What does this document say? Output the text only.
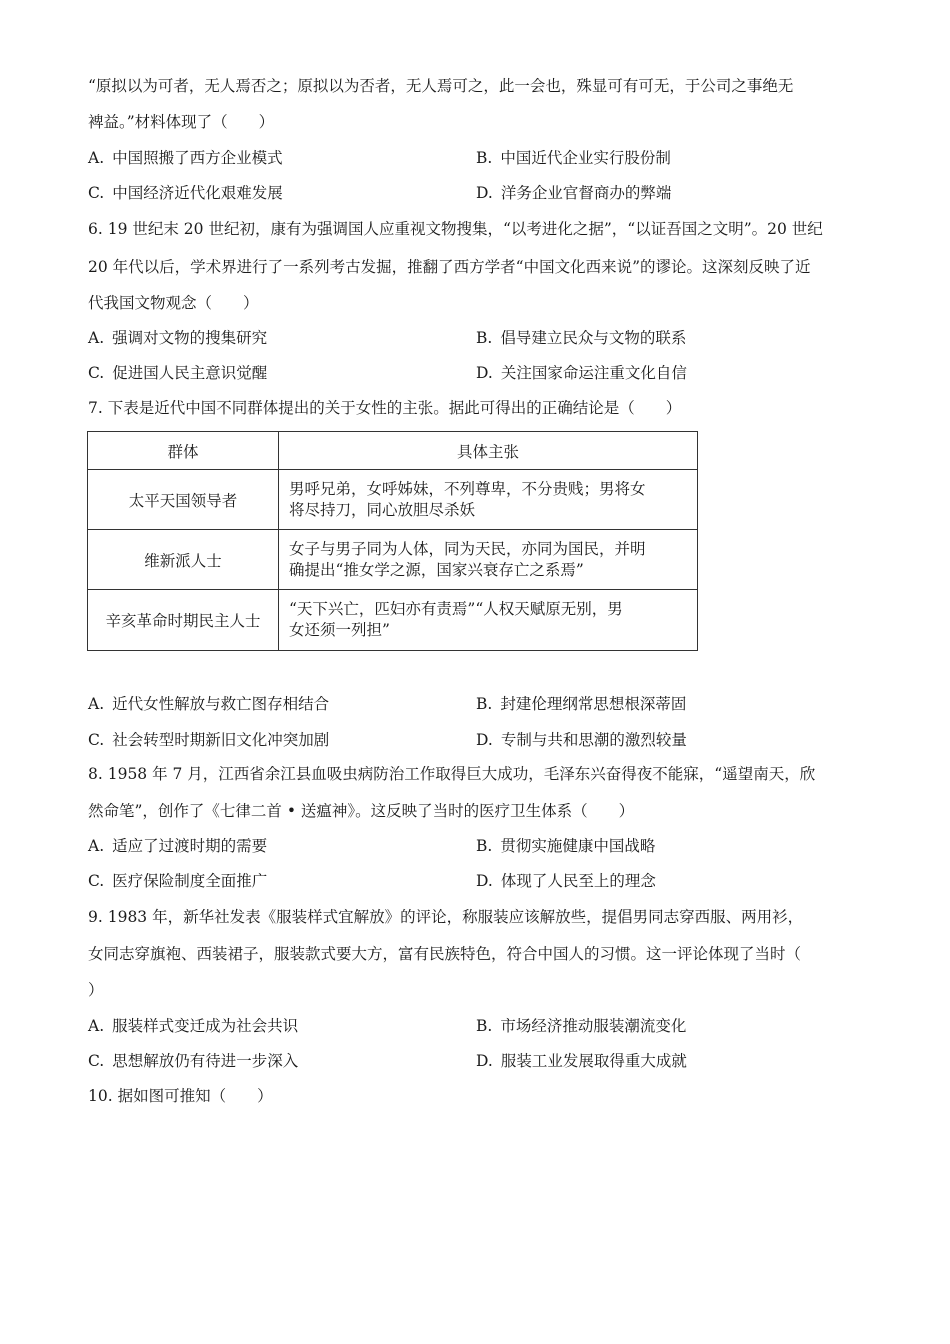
“原拟以为可者，无人焉否之；原拟以为否者，无人焉可之，此一会也，殊显可有可无，于公司之事绝无
裨益。”材料体现了（　　）
A. 中国照搬了西方企业模式	B. 中国近代企业实行股份制
C. 中国经济近代化艰难发展	D. 洋务企业官督商办的弊端
6. 19 世纪末 20 世纪初，康有为强调国人应重视文物搜集，“以考进化之据”，“以证吾国之文明”。20 世纪
20 年代以后，学术界进行了一系列考古发掘，推翻了西方学者“中国文化西来说”的谬论。这深刻反映了近
代我国文物观念（　　）
A. 强调对文物的搜集研究	B. 倡导建立民众与文物的联系
C. 促进国人民主意识觉醒	D. 关注国家命运注重文化自信
7. 下表是近代中国不同群体提出的关于女性的主张。据此可得出的正确结论是（　　）
群体	具体主张
太平天国领导者	男呼兄弟，女呼姊妹，不列尊卑，不分贵贱；男将女
将尽持刀，同心放胆尽杀妖

维新派人士	女子与男子同为人体，同为天民，亦同为国民，并明
确提出“推女学之源，国家兴衰存亡之系焉”

辛亥革命时期民主人士	“天下兴亡，匹妇亦有责焉”“人权天赋原无别，男
女还须一列担”
A. 近代女性解放与救亡图存相结合	B. 封建伦理纲常思想根深蒂固
C. 社会转型时期新旧文化冲突加剧	D. 专制与共和思潮的激烈较量
8. 1958 年 7 月，江西省余江县血吸虫病防治工作取得巨大成功，毛泽东兴奋得夜不能寐，“遥望南天，欣
然命笔”，创作了《七律二首 • 送瘟神》。这反映了当时的医疗卫生体系（　　）
A. 适应了过渡时期的需要	B. 贯彻实施健康中国战略
C. 医疗保险制度全面推广	D. 体现了人民至上的理念
9. 1983 年，新华社发表《服装样式宜解放》的评论，称服装应该解放些，提倡男同志穿西服、两用衫，
女同志穿旗袍、西装裙子，服装款式要大方，富有民族特色，符合中国人的习惯。这一评论体现了当时（
）
A. 服装样式变迁成为社会共识	B. 市场经济推动服装潮流变化
C. 思想解放仍有待进一步深入	D. 服装工业发展取得重大成就
10. 据如图可推知（　　）
